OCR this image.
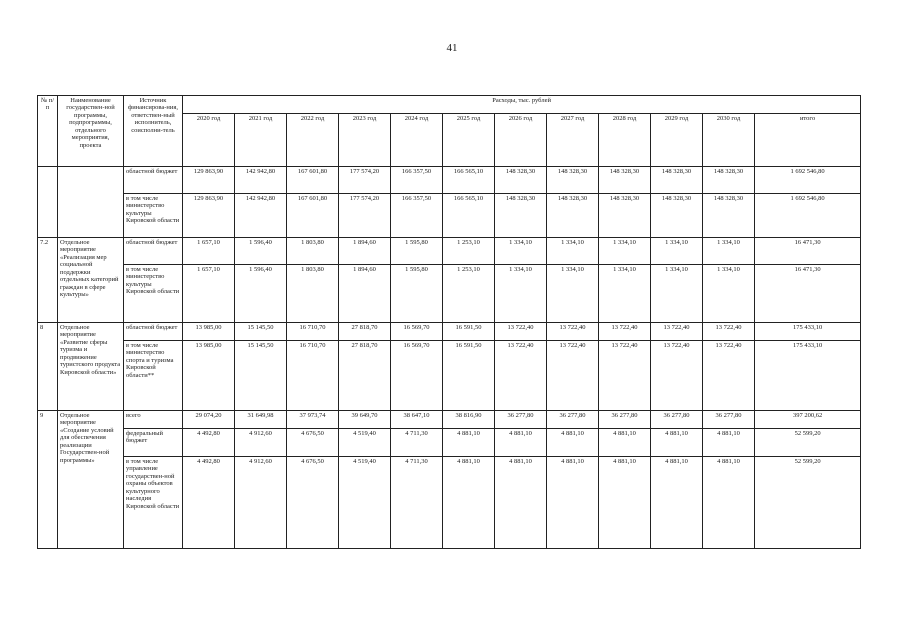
41
№ п/п	Наименование государствен-ной программы, подпрограммы, отдельного мероприятия, проекта	Источник финансирова-ния, ответствен-ный исполнитель, соисполни-тель	Расходы, тыс. рублей											
			2020 год	2021 год	2022 год	2023 год	2024 год	2025 год	2026 год	2027 год	2028 год	2029 год	2030 год	итого
		областной бюджет	129 863,90	142 942,80	167 601,80	177 574,20	166 357,50	166 565,10	148 328,30	148 328,30	148 328,30	148 328,30	148 328,30	1 692 546,80
		в том числе министерство культуры Кировской области	129 863,90	142 942,80	167 601,80	177 574,20	166 357,50	166 565,10	148 328,30	148 328,30	148 328,30	148 328,30	148 328,30	1 692 546,80
7.2	Отдельное мероприятие «Реализация мер социальной поддержки отдельных категорий граждан в сфере культуры»	областной бюджет	1 657,10	1 596,40	1 803,80	1 894,60	1 595,80	1 253,10	1 334,10	1 334,10	1 334,10	1 334,10	1 334,10	16 471,30
		в том числе министерство культуры Кировской области	1 657,10	1 596,40	1 803,80	1 894,60	1 595,80	1 253,10	1 334,10	1 334,10	1 334,10	1 334,10	1 334,10	16 471,30
8	Отдельное мероприятие «Развитие сферы туризма и продвижение туристского продукта Кировской области»	областной бюджет	13 985,00	15 145,50	16 710,70	27 818,70	16 569,70	16 591,50	13 722,40	13 722,40	13 722,40	13 722,40	13 722,40	175 433,10
		в том числе министерство спорта и туризма Кировской области**	13 985,00	15 145,50	16 710,70	27 818,70	16 569,70	16 591,50	13 722,40	13 722,40	13 722,40	13 722,40	13 722,40	175 433,10
9	Отдельное мероприятие «Создание условий для обеспечения реализации Государствен-ной программы»	всего	29 074,20	31 649,98	37 973,74	39 649,70	38 647,10	38 816,90	36 277,80	36 277,80	36 277,80	36 277,80	36 277,80	397 200,62
		федеральный бюджет	4 492,80	4 912,60	4 676,50	4 519,40	4 711,30	4 881,10	4 881,10	4 881,10	4 881,10	4 881,10	4 881,10	52 599,20
		в том числе управление государствен-ной охраны объектов культурного наследия Кировской области	4 492,80	4 912,60	4 676,50	4 519,40	4 711,30	4 881,10	4 881,10	4 881,10	4 881,10	4 881,10	4 881,10	52 599,20
